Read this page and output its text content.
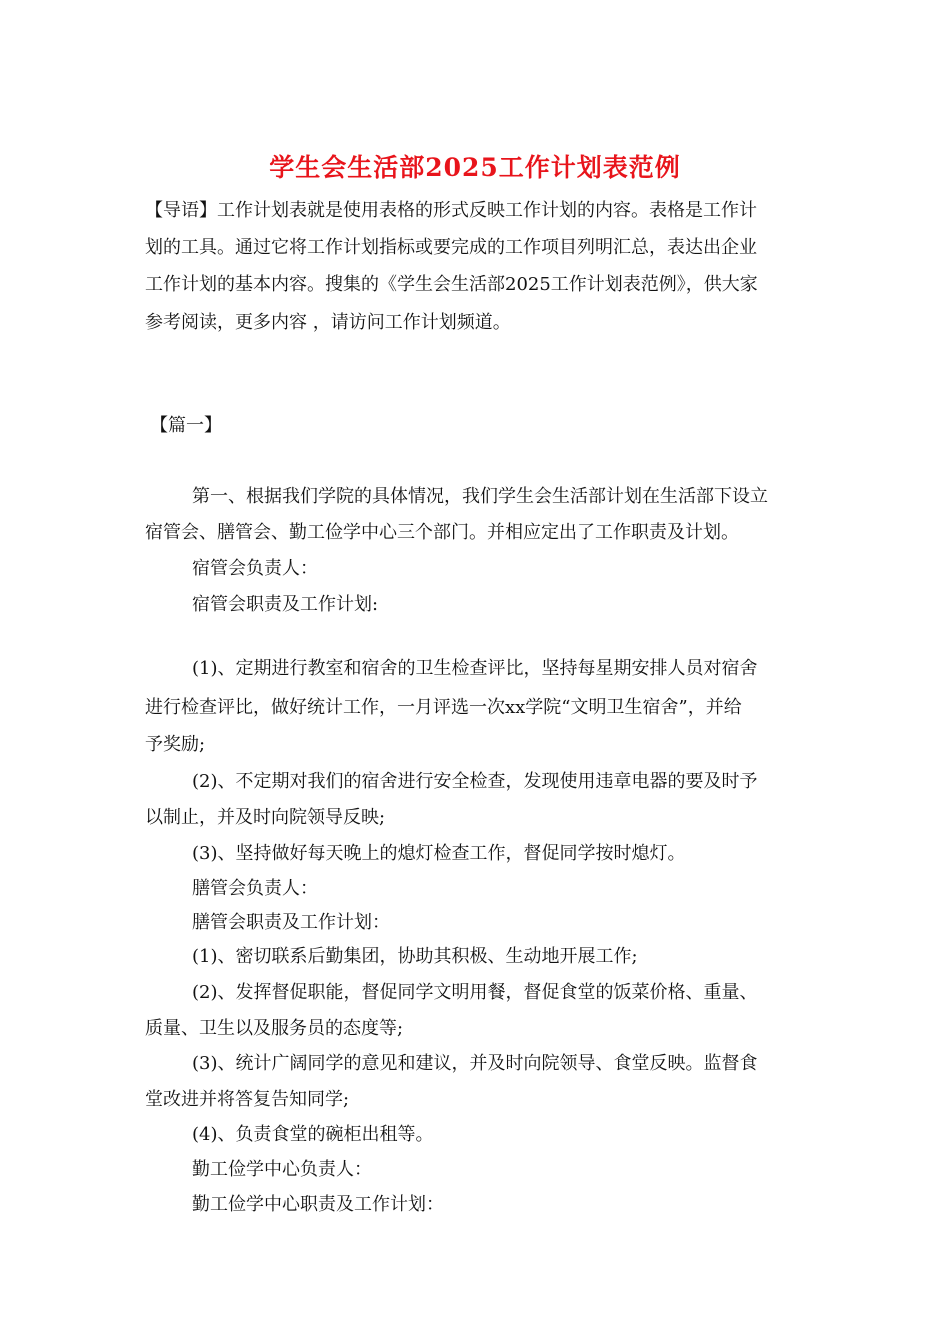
学生会生活部2025工作计划表范例
【导语】工作计划表就是使用表格的形式反映工作计划的内容。表格是工作计
划的工具。通过它将工作计划指标或要完成的工作项目列明汇总，表达出企业
工作计划的基本内容。搜集的《学生会生活部2025工作计划表范例》，供大家
参考阅读，更多内容 ，请访问工作计划频道。
【篇一】
第一、根据我们学院的具体情况，我们学生会生活部计划在生活部下设立
宿管会、膳管会、勤工俭学中心三个部门。并相应定出了工作职责及计划。
宿管会负责人：
宿管会职责及工作计划:
(1)、定期进行教室和宿舍的卫生检查评比，坚持每星期安排人员对宿舍
进行检查评比，做好统计工作，一月评选一次xx学院“文明卫生宿舍”，并给
予奖励;
(2)、不定期对我们的宿舍进行安全检查，发现使用违章电器的要及时予
以制止，并及时向院领导反映;
(3)、坚持做好每天晚上的熄灯检查工作，督促同学按时熄灯。
膳管会负责人：
膳管会职责及工作计划：
(1)、密切联系后勤集团，协助其积极、生动地开展工作;
(2)、发挥督促职能，督促同学文明用餐，督促食堂的饭菜价格、重量、
质量、卫生以及服务员的态度等;
(3)、统计广阔同学的意见和建议，并及时向院领导、食堂反映。监督食
堂改进并将答复告知同学;
(4)、负责食堂的碗柜出租等。
勤工俭学中心负责人：
勤工俭学中心职责及工作计划：
